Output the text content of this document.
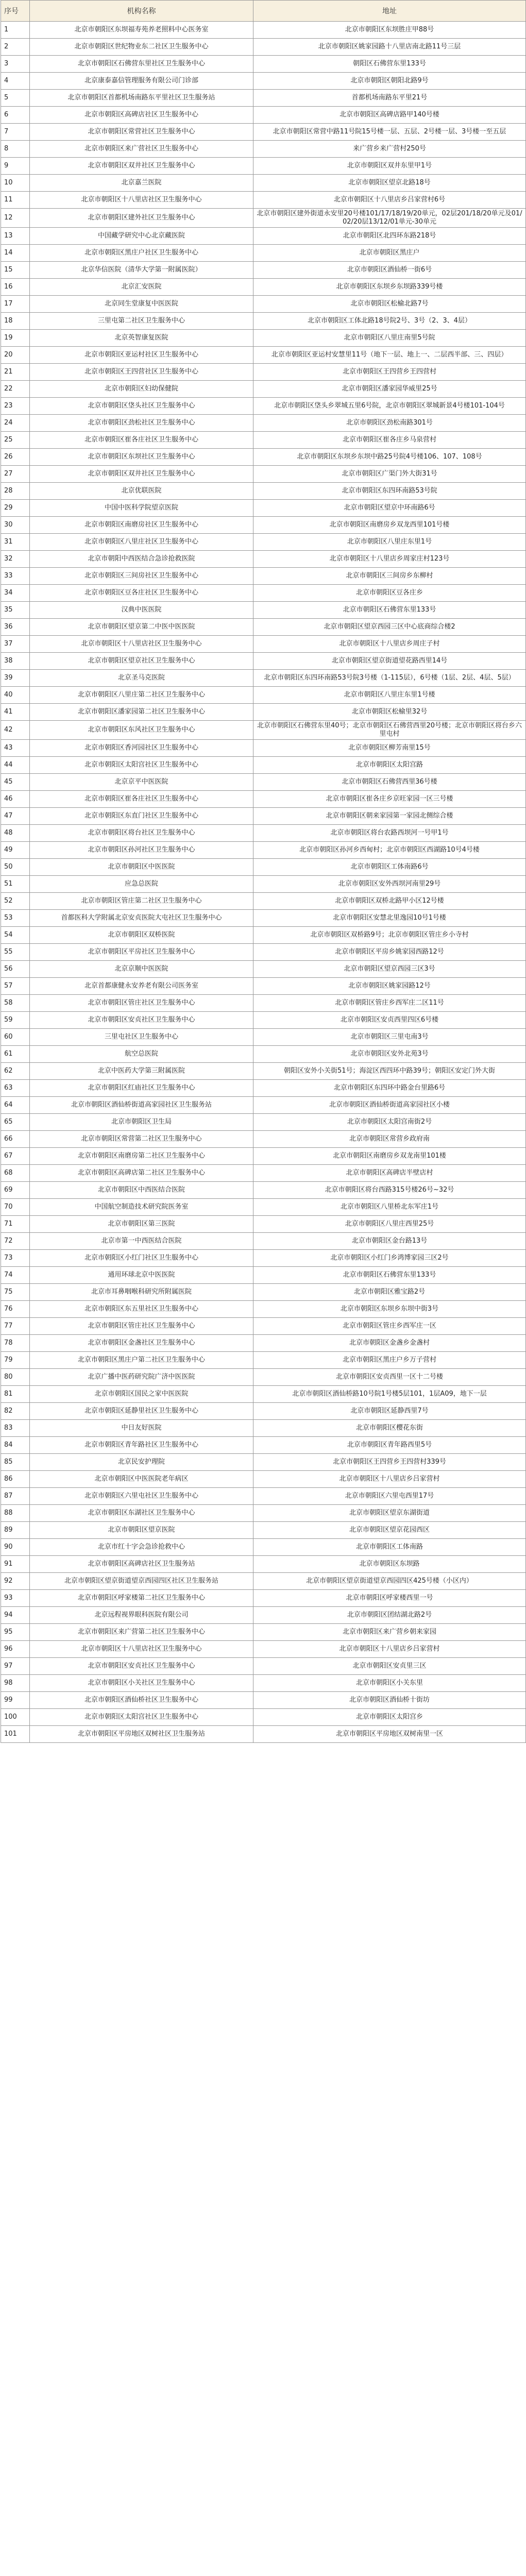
序号	机构名称	地址
1	北京市朝阳区东坝福寿苑养老照料中心医务室	北京市朝阳区东坝胜庄甲88号
2	北京市朝阳区世纪物业东二社区卫生服务中心	北京市朝阳区姚家园路十八里店南北路11号三层
3	北京市朝阳区石佛营东里社区卫生服务中心	朝阳区石佛营东里133号
4	北京康泰嘉信管理服务有限公司门诊部	北京市朝阳区朝阳北路9号
5	北京市朝阳区首都机场南路东平里社区卫生服务站	首都机场南路东平里21号
6	北京市朝阳区高碑店社区卫生服务中心	北京市朝阳区高碑店路甲140号楼
7	北京市朝阳区常营社区卫生服务中心	北京市朝阳区常营中路11号院15号楼一层、五层、2号楼一层、3号楼一至五层
8	北京市朝阳区来广营社区卫生服务中心	来广营乡来广营村250号
9	北京市朝阳区双井社区卫生服务中心	北京市朝阳区双井东里甲1号
10	北京嘉兰医院	北京市朝阳区望京北路18号
11	北京市朝阳区十八里店社区卫生服务中心	北京市朝阳区十八里店乡吕家营村6号
12	北京市朝阳区建外社区卫生服务中心	北京市朝阳区建外街道永安里20号楼101/17/18/19/20单元，02层201/18/20单元及01/02/20层13/12/01单元-30单元
13	中国藏学研究中心北京藏医院	北京市朝阳区北四环东路218号
14	北京市朝阳区黑庄户社区卫生服务中心	北京市朝阳区黑庄户
15	北京华信医院（清华大学第一附属医院）	北京市朝阳区酒仙桥一街6号
16	北京汇安医院	北京市朝阳区东坝乡东坝路339号楼
17	北京同生堂康复中医医院	北京市朝阳区松榆北路7号
18	三里屯第二社区卫生服务中心	北京市朝阳区工体北路18号院2号、3号（2、3、4层）
19	北京英智康复医院	北京市朝阳区八里庄南里5号院
20	北京市朝阳区亚运村社区卫生服务中心	北京市朝阳区亚运村安慧里11号（地下一层、地上一、二层西半部、三、四层）
21	北京市朝阳区王四营社区卫生服务中心	北京市朝阳区王四营乡王四营村
22	北京市朝阳区妇幼保健院	北京市朝阳区潘家园华威里25号
23	北京市朝阳区垡头社区卫生服务中心	北京市朝阳区垡头乡翠城五里6号院，北京市朝阳区翠城新景4号楼101-104号
24	北京市朝阳区劲松社区卫生服务中心	北京市朝阳区劲松南路301号
25	北京市朝阳区崔各庄社区卫生服务中心	北京市朝阳区崔各庄乡马泉营村
26	北京市朝阳区东坝社区卫生服务中心	北京市朝阳区东坝乡东坝中路25号院4号楼106、107、108号
27	北京市朝阳区双井社区卫生服务中心	北京市朝阳区广渠门外大街31号
28	北京优联医院	北京市朝阳区东四环南路53号院
29	中国中医科学院望京医院	北京市朝阳区望京中环南路6号
30	北京市朝阳区南磨房社区卫生服务中心	北京市朝阳区南磨房乡双龙西里101号楼
31	北京市朝阳区八里庄社区卫生服务中心	北京市朝阳区八里庄东里1号
32	北京市朝阳中西医结合急诊抢救医院	北京市朝阳区十八里店乡周家庄村123号
33	北京市朝阳区三间房社区卫生服务中心	北京市朝阳区三间房乡东柳村
34	北京市朝阳区豆各庄社区卫生服务中心	北京市朝阳区豆各庄乡
35	汉典中医医院	北京市朝阳区石佛营东里133号
36	北京市朝阳区望京第二中医中医医院	北京市朝阳区望京西园三区中心底商综合楼2
37	北京市朝阳区十八里店社区卫生服务中心	北京市朝阳区十八里店乡周庄子村
38	北京市朝阳区望京社区卫生服务中心	北京市朝阳区望京街道望花路西里14号
39	北京圣马克医院	北京市朝阳区东四环南路53号院3号楼（1-115层），6号楼（1层、2层、4层、5层）
40	北京市朝阳区八里庄第二社区卫生服务中心	北京市朝阳区八里庄东里1号楼
41	北京市朝阳区潘家园第二社区卫生服务中心	北京市朝阳区松榆里32号
42	北京市朝阳区东风社区卫生服务中心	北京市朝阳区石佛营东里40号；北京市朝阳区石佛营西里20号楼；北京市朝阳区将台乡六里屯村
43	北京市朝阳区香河园社区卫生服务中心	北京市朝阳区柳芳南里15号
44	北京市朝阳区太阳宫社区卫生服务中心	北京市朝阳区太阳宫路
45	北京京平中医医院	北京市朝阳区石佛营西里36号楼
46	北京市朝阳区崔各庄社区卫生服务中心	北京市朝阳区崔各庄乡京旺家园一区三号楼
47	北京市朝阳区东直门社区卫生服务中心	北京市朝阳区朝来家园第一家园北侧综合楼
48	北京市朝阳区将台社区卫生服务中心	北京市朝阳区将台农路西坝河一号甲1号
49	北京市朝阳区孙河社区卫生服务中心	北京市朝阳区孙河乡西甸村；北京市朝阳区西湖路10号4号楼
50	北京市朝阳区中医医院	北京市朝阳区工体南路6号
51	应急总医院	北京市朝阳区安外西坝河南里29号
52	北京市朝阳区管庄第二社区卫生服务中心	北京市朝阳区双桥北路甲小区12号楼
53	首都医科大学附属北京安贞医院大屯社区卫生服务中心	北京市朝阳区安慧北里逸园10号1号楼
54	北京市朝阳区双桥医院	北京市朝阳区双桥路9号；北京市朝阳区管庄乡小寺村
55	北京市朝阳区平房社区卫生服务中心	北京市朝阳区平房乡姚家园西路12号
56	北京京顺中医医院	北京市朝阳区望京西园三区3号
57	北京首都康健永安养老有限公司医务室	北京市朝阳区姚家园路12号
58	北京市朝阳区管庄社区卫生服务中心	北京市朝阳区管庄乡西军庄二区11号
59	北京市朝阳区安贞社区卫生服务中心	北京市朝阳区安贞西里四区6号楼
60	三里屯社区卫生服务中心	北京市朝阳区三里屯南3号
61	航空总医院	北京市朝阳区安外北苑3号
62	北京中医药大学第三附属医院	朝阳区安外小关街51号；海淀区西四环中路39号；朝阳区安定门外大街
63	北京市朝阳区红庙社区卫生服务中心	北京市朝阳区东四环中路金台里路6号
64	北京市朝阳区酒仙桥街道高家园社区卫生服务站	北京市朝阳区酒仙桥街道高家园社区小楼
65	北京市朝阳区卫生局	北京市朝阳区太阳宫南街2号
66	北京市朝阳区常营第二社区卫生服务中心	北京市朝阳区常营乡政府南
67	北京市朝阳区南磨房第二社区卫生服务中心	北京市朝阳区南磨房乡双龙南里101楼
68	北京市朝阳区高碑店第二社区卫生服务中心	北京市朝阳区高碑店半壁店村
69	北京市朝阳区中西医结合医院	北京市朝阳区将台西路315号楼26号~32号
70	中国航空制造技术研究院医务室	北京市朝阳区八里桥北东军庄1号
71	北京市朝阳区第三医院	北京市朝阳区八里庄西里25号
72	北京市第一中西医结合医院	北京市朝阳区金台路13号
73	北京市朝阳区小红门社区卫生服务中心	北京市朝阳区小红门乡鸿博家园三区2号
74	通用环球北京中医医院	北京市朝阳区石佛营东里133号
75	北京市耳鼻咽喉科研究所附属医院	北京市朝阳区雅宝路2号
76	北京市朝阳区东五里社区卫生服务中心	北京市朝阳区东坝乡东坝中街3号
77	北京市朝阳区管庄社区卫生服务中心	北京市朝阳区管庄乡西军庄一区
78	北京市朝阳区金盏社区卫生服务中心	北京市朝阳区金盏乡金盏村
79	北京市朝阳区黑庄户第二社区卫生服务中心	北京市朝阳区黑庄户乡万子营村
80	北京广播中医药研究院广济中医医院	北京市朝阳区安贞西里一区十二号楼
81	北京市朝阳区国民之家中医医院	北京市朝阳区酒仙桥路10号院1号楼5层101，1层A09，地下一层
82	北京市朝阳区延静里社区卫生服务中心	北京市朝阳区延静西里7号
83	中日友好医院	北京市朝阳区樱花东街
84	北京市朝阳区青年路社区卫生服务中心	北京市朝阳区青年路西里5号
85	北京民安护理院	北京市朝阳区王四营乡王四营村339号
86	北京市朝阳区中医医院老年病区	北京市朝阳区十八里店乡吕家营村
87	北京市朝阳区六里屯社区卫生服务中心	北京市朝阳区六里屯西里17号
88	北京市朝阳区东湖社区卫生服务中心	北京市朝阳区望京东湖街道
89	北京市朝阳区望京医院	北京市朝阳区望京花园西区
90	北京市红十字会急诊抢救中心	北京市朝阳区工体南路
91	北京市朝阳区高碑店社区卫生服务站	北京市朝阳区东坝路
92	北京市朝阳区望京街道望京西园四区社区卫生服务站	北京市朝阳区望京街道望京西园四区425号楼（小区内）
93	北京市朝阳区呼家楼第二社区卫生服务中心	北京市朝阳区呼家楼西里一号
94	北京远程视界眼科医院有限公司	北京市朝阳区团结湖北路2号
95	北京市朝阳区来广营第二社区卫生服务中心	北京市朝阳区来广营乡朝来家园
96	北京市朝阳区十八里店社区卫生服务中心	北京市朝阳区十八里店乡吕家营村
97	北京市朝阳区安贞社区卫生服务中心	北京市朝阳区安贞里三区
98	北京市朝阳区小关社区卫生服务中心	北京市朝阳区小关东里
99	北京市朝阳区酒仙桥社区卫生服务中心	北京市朝阳区酒仙桥十街坊
100	北京市朝阳区太阳宫社区卫生服务中心	北京市朝阳区太阳宫乡
101	北京市朝阳区平房地区双树社区卫生服务站	北京市朝阳区平房地区双树南里一区
